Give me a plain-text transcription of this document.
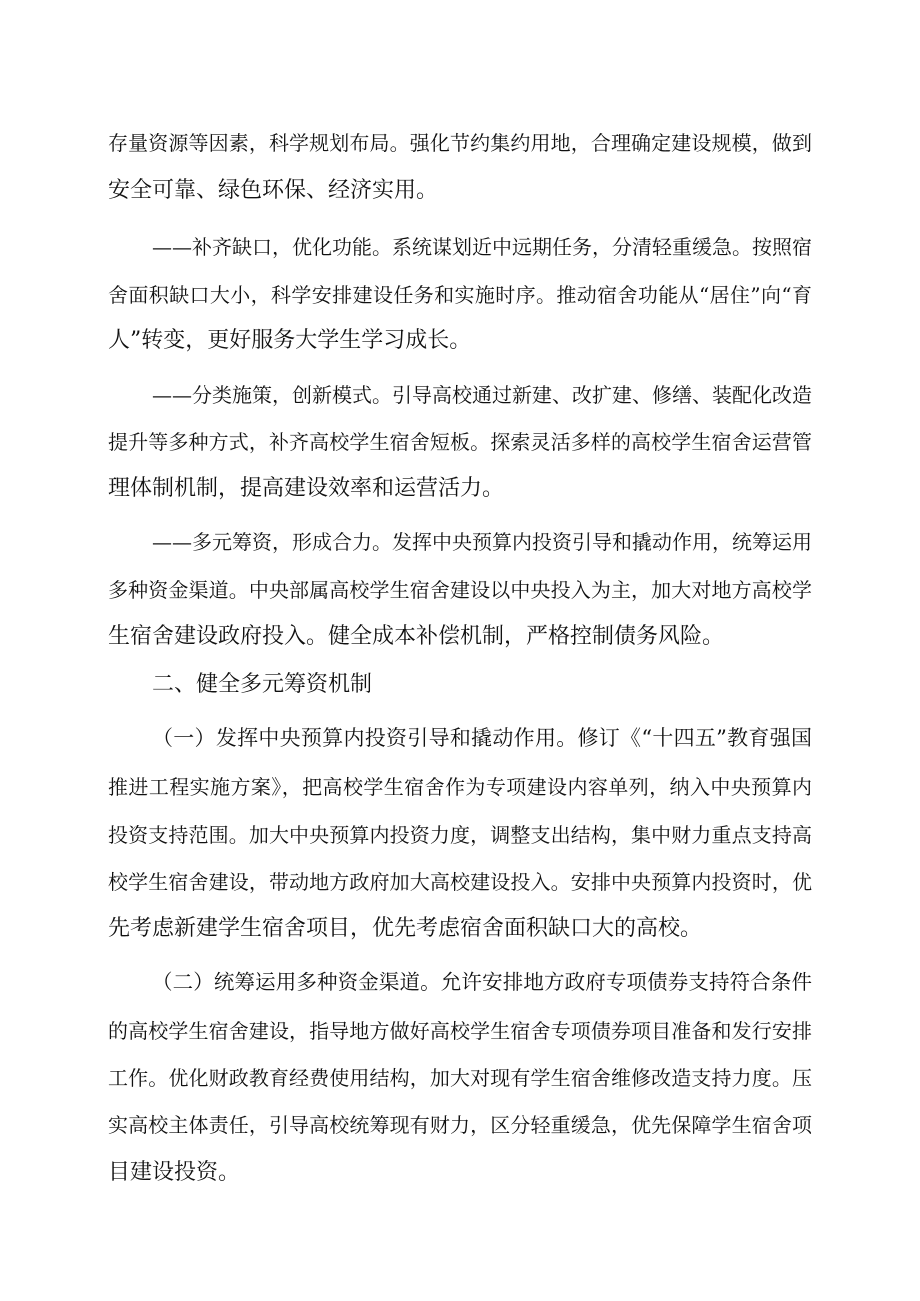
存量资源等因素，科学规划布局。强化节约集约用地，合理确定建设规模，做到
安全可靠、绿色环保、经济实用。
——补齐缺口，优化功能。系统谋划近中远期任务，分清轻重缓急。按照宿
舍面积缺口大小，科学安排建设任务和实施时序。推动宿舍功能从“居住”向“育
人”转变，更好服务大学生学习成长。
——分类施策，创新模式。引导高校通过新建、改扩建、修缮、装配化改造
提升等多种方式，补齐高校学生宿舍短板。探索灵活多样的高校学生宿舍运营管
理体制机制，提高建设效率和运营活力。
——多元筹资，形成合力。发挥中央预算内投资引导和撬动作用，统筹运用
多种资金渠道。中央部属高校学生宿舍建设以中央投入为主，加大对地方高校学
生宿舍建设政府投入。健全成本补偿机制，严格控制债务风险。
二、健全多元筹资机制
（一）发挥中央预算内投资引导和撬动作用。修订《“十四五”教育强国
推进工程实施方案》，把高校学生宿舍作为专项建设内容单列，纳入中央预算内
投资支持范围。加大中央预算内投资力度，调整支出结构，集中财力重点支持高
校学生宿舍建设，带动地方政府加大高校建设投入。安排中央预算内投资时，优
先考虑新建学生宿舍项目，优先考虑宿舍面积缺口大的高校。
（二）统筹运用多种资金渠道。允许安排地方政府专项债券支持符合条件
的高校学生宿舍建设，指导地方做好高校学生宿舍专项债券项目准备和发行安排
工作。优化财政教育经费使用结构，加大对现有学生宿舍维修改造支持力度。压
实高校主体责任，引导高校统筹现有财力，区分轻重缓急，优先保障学生宿舍项
目建设投资。
